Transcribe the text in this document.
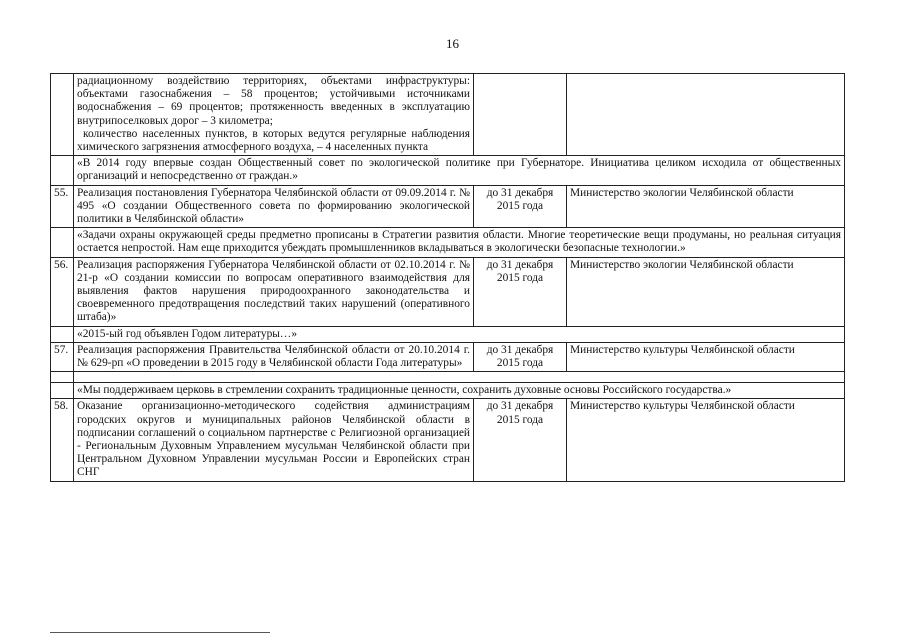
16

	радиационному воздействию территориях, объектами инфраструктуры: объектами газоснабжения – 58 процентов; устойчивыми источниками водоснабжения – 69 процентов; протяженность введенных в эксплуатацию внутрипоселковых дорог – 3 километра;
количество населенных пунктов, в которых ведутся регулярные наблюдения химического загрязнения атмосферного воздуха, – 4 населенных пункта		

	«В 2014 году впервые создан Общественный совет по экологической политике при Губернаторе. Инициатива целиком исходила от общественных организаций и непосредственно от граждан.»		
55.	Реализация постановления Губернатора Челябинской области от 09.09.2014 г. № 495 «О создании Общественного совета по формированию экологической политики в Челябинской области»	до 31 декабря 2015 года	Министерство экологии Челябинской области
	«Задачи охраны окружающей среды предметно прописаны в Стратегии развития области. Многие теоретические вещи продуманы, но реальная ситуация остается непростой. Нам еще приходится убеждать промышленников вкладываться в экологически безопасные технологии.»		
56.	Реализация распоряжения Губернатора Челябинской области от 02.10.2014 г. № 21-р «О создании комиссии по вопросам оперативного взаимодействия для выявления фактов нарушения природоохранного законодательства и своевременного предотвращения последствий таких нарушений (оперативного штаба)»	до 31 декабря 2015 года	Министерство экологии Челябинской области
	«2015-ый год объявлен Годом литературы…»		
57.	Реализация распоряжения Правительства Челябинской области от 20.10.2014 г. № 629-рп «О проведении в 2015 году в Челябинской области Года литературы»	до 31 декабря 2015 года	Министерство культуры Челябинской области

	«Мы поддерживаем церковь в стремлении сохранить традиционные ценности, сохранить духовные основы Российского государства.»		
58.	Оказание организационно-методического содействия администрациям городских округов и муниципальных районов Челябинской области в подписании соглашений о социальном партнерстве с Религиозной организацией - Региональным Духовным Управлением мусульман Челябинской области при Центральном Духовном Управлении мусульман России и Европейских стран СНГ	до 31 декабря 2015 года	Министерство культуры Челябинской области
